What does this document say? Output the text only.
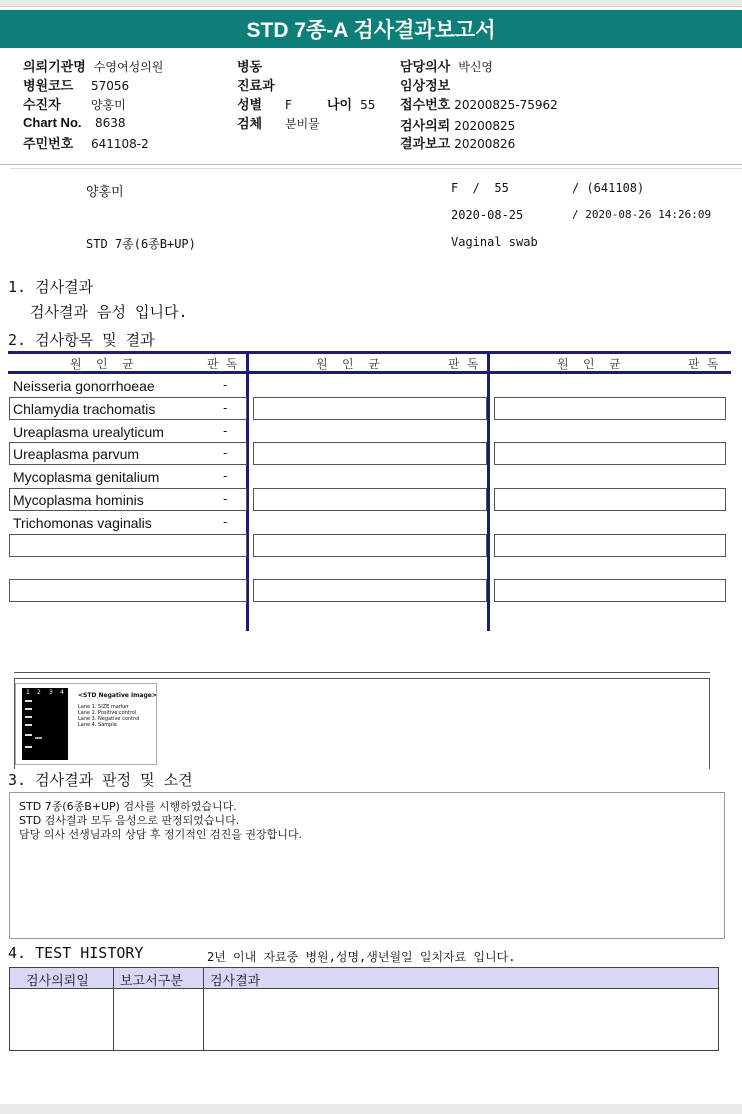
STD 7종-A 검사결과보고서
의뢰기관명 수영여성의원
병원코드 57056
수진자	양홍미
Chart No. 8638
주민번호 641108-2
병동
진료과
성별 F	나이 55
검체 분비물
담당의사 박신영
임상정보
접수번호 20200825-75962
검사의뢰 20200825
결과보고 20200826
양홍미	F  /  55	/ (641108)
2020-08-25	/ 2020-08-26 14:26:09
STD 7종(6종B+UP)	Vaginal swab
1. 검사결과
검사결과 음성 입니다.
2. 검사항목 및 결과
원  인  균	판 독	원  인  균	판 독	원  인  균	판 독
Neisseria gonorrhoeae	-
Chlamydia trachomatis	-
Ureaplasma urealyticum	-
Ureaplasma parvum	-
Mycoplasma genitalium	-
Mycoplasma hominis	-
Trichomonas vaginalis	-
1 2 3 4 <STD Negative Image>
Lane 1. SIZE marker
Lane 2. Positive control
Lane 3. Negative control
Lane 4. Sample
3. 검사결과 판정 및 소견
STD 7종(6종B+UP) 검사를 시행하였습니다.
STD 검사결과 모두 음성으로 판정되었습니다.
담당 의사 선생님과의 상담 후 정기적인 검진을 권장합니다.
4. TEST HISTORY	2년 이내 자료중 병원,성명,생년월일 일치자료 입니다.
검사의뢰일 보고서구분 검사결과
